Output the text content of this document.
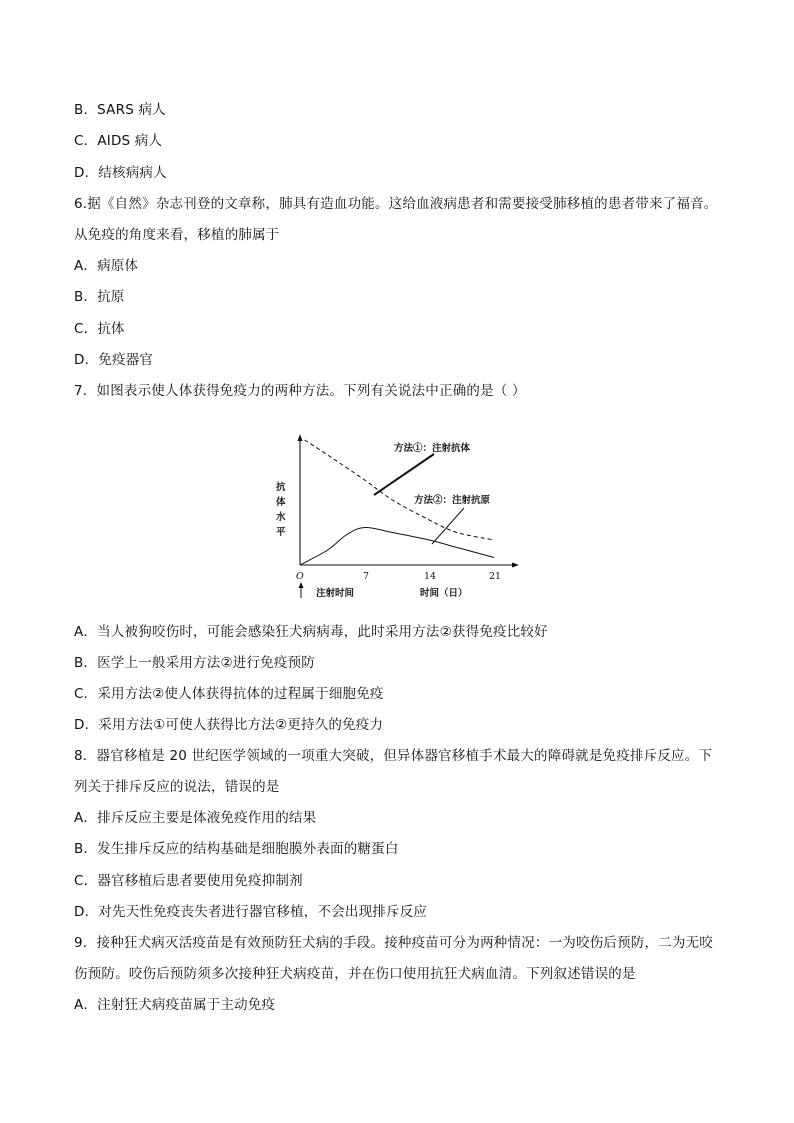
B．SARS 病人
C．AIDS 病人
D．结核病病人
6.据《自然》杂志刊登的文章称，肺具有造血功能。这给血液病患者和需要接受肺移植的患者带来了福音。
从免疫的角度来看，移植的肺属于
A．病原体
B．抗原
C．抗体
D．免疫器官
7．如图表示使人体获得免疫力的两种方法。下列有关说法中正确的是（ ）
抗
体
水
平
O	7	14	21
注射时间	时间（日）
方法①：注射抗体
方法②：注射抗原
A．当人被狗咬伤时，可能会感染狂犬病病毒，此时采用方法②获得免疫比较好
B．医学上一般采用方法②进行免疫预防
C．采用方法②使人体获得抗体的过程属于细胞免疫
D．采用方法①可使人获得比方法②更持久的免疫力
8．器官移植是 20 世纪医学领域的一项重大突破，但异体器官移植手术最大的障碍就是免疫排斥反应。下
列关于排斥反应的说法，错误的是
A．排斥反应主要是体液免疫作用的结果
B．发生排斥反应的结构基础是细胞膜外表面的糖蛋白
C．器官移植后患者要使用免疫抑制剂
D．对先天性免疫丧失者进行器官移植，不会出现排斥反应
9．接种狂犬病灭活疫苗是有效预防狂犬病的手段。接种疫苗可分为两种情况：一为咬伤后预防，二为无咬
伤预防。咬伤后预防须多次接种狂犬病疫苗，并在伤口使用抗狂犬病血清。下列叙述错误的是
A．注射狂犬病疫苗属于主动免疫
